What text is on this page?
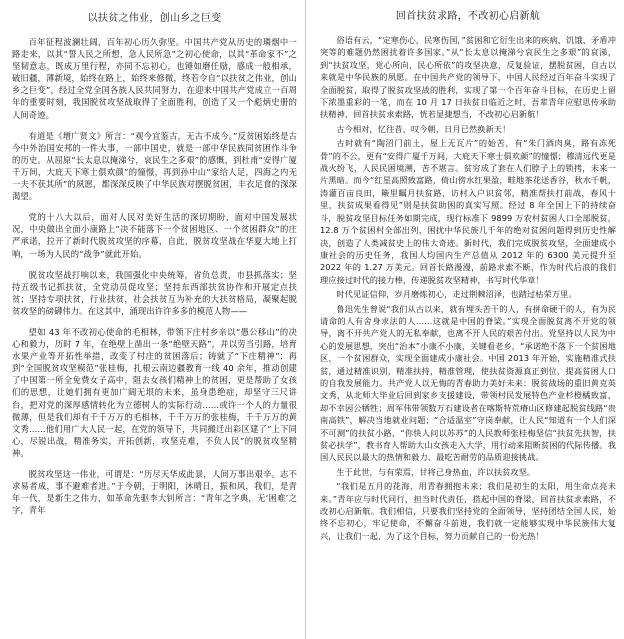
以扶贫之伟业，创山乡之巨变

百年征程波澜壮阔，百年初心历久弥坚。中国共产党从历史的璘烟中一路走来，以其“誓人民之所想，急人民所急”之初心使命，以其“革命家不”之坚韧意志，既成万里行程，亦同不忘初心，也锤如磨任励，感成一般相承，破旧疆，薄新境，始终在路上，始终来修微，终若令自“以扶贫之伟业，创山乡之巨变”，经过全党全国各族人民共同努力，在迎来中国共产党成立一百周年的重要时刻，我国脱贫攻坚战取得了全面胜利，创造了又一个彪炳史册的人间奇迹。

有道是《增广贤文》所言：“观今宜鉴古，无古不成今。”反贫困始终是古今中外治国安邦的一件大事，一部中国史，就是一部中华民族同贫困作斗争的历史。从屈原“长太息以掩涕兮，哀民生之多艰”的感慨，到杜甫“安得广厦千万间，大庇天下寒士俱欢颜”的憧憬，再到孙中山“家给人足，四海之内无一夫不获其所”的夙愿，都深深反映了中华民族对摆脱贫困，丰衣足食的深深渴望。

党的十八大以后，面对人民对美好生活的深切期盼，面对中国发展状况，中央做出全面小康路上“决不能落下一个贫困地区、一个贫困群众”的庄严承诺，拉开了新时代脱贫攻坚的序幕，自此，脱贫攻坚战在华夏大地上打响，一场为人民的“战争”就此开始。

脱贫攻坚战打响以来，我国强化中央统筹，省负总责，市县抓落实；坚持五级书记抓扶贫，全党动员促攻坚；坚持东西部扶贫协作和开展定点扶贫；坚持专项扶贫，行业扶贫，社会扶贫互为补充的大扶贫格局，凝聚起脱贫攻坚的磅礴伟力。在这其中，涌现出许许多多的模范人物——

望如 43 年不改初心使命的毛相林，带领下庄村乡亲以“愚公移山”的决心和毅力，历时 7 年，在绝壁上凿出一条“绝壁天路”，并以劳当引路，培育水果产业等开拓性举措，改变了村庄的贫困落后；铸就了“下庄精神”；再到“全国脱贫攻坚模范”张桂梅，扎根云南边疆教育一线 40 余年，推动创建了中国第一所全免费女子高中，阻去女孩们精神上的贫困，更是帮助了女孩们的思想，让她们拥有更加广阔无垠的未来，虽身患绝症，却坚守三尺讲台，把对党的深厚感情转化为立德树人的实际行动……或许一个人的力量很微薄，但是我们却有千千万万的毛相林，千千万万的张桂梅，千千万万的黄文秀……他们用广大人民一起，在党的领导下，共同搬迁出彩区建了“上下同心，尽锐出战，精准务实，开拓创新，攻坚克难，不负人民”的脱贫攻坚精神。

脱贫攻坚这一伟业，可谓是：“历尽天华成此景，人间万事出艰辛。志不求易者成，事不避难者进。”于今朝，于明阳，沐晴日，振和风，我们，是青年一代，是新生之伟力，如革命先驱李大钊所言：“青年之字典，无‘困难’之字，青年

回首扶贫求路，不改初心启新航

俗语有云，“定寒伤心，民寒伤国，”贫困和它衍生出来的疾病、饥饿、矛盾冲突等的难题仍然困扰着许多国家。”从“长太息以掩涕兮哀民生之多艰”的哀涕，到“扶贫攻坚，党心所向，民心所依”的攻坚决意，反复验证，摆脱贫困，自古以来就是中华民族的夙愿。在中国共产党的领导下，中国人民经过百年奋斗实现了全面脱贫，取得了脱贫攻坚战的胜利，实现了第一个百年奋斗目标，在历史上留下浓墨重彩的一笔，而在 10 月 17 日扶贫日临近之时，吾辈青年应慰思传承助扶精神，回首扶贫求索路，恍若显捷想当，不改初心启新航！

古今相对，忆往昔，叹今朝，日月已然换新天！

古时就有“陶沼门前土，屋上无瓦片”的始苦，有“朱门酒肉臭，路有冻死骨”的不公，更有“安得广厦千万间，大庇天下寒士俱欢颜”的憧憬；穆清远代更是战火纷飞，人民民困境溯，苦不堪言。贫穷成了套在人们脖子上的锁拷，未来一片黑暗。而今“红星高照致富路，倚山傍水红果盈，畦地茶花送香谷，秋水千帆，涛灌百亩良田，簸里瞩月扶贫路，访村入户识贫邻，精准帮扶打前战，春风十里，扶贫成果看得见”则是扶贫助困的真实写照。经过 8 年全国上下的持续奋斗，脱贫攻坚目标任务如期完成，现行标准下 9899 万农村贫困人口全部脱贫，12.8 万个贫困村全部出列，困扰中华民族几千年的绝对贫困问题得到历史性解决，创造了人类减贫史上的伟大奇迹。新时代，我们完成脱贫攻坚，全面建成小康社会的历史任务，我国人均国内生产总值从 2012 年的 6300 美元提升至 2022 年的 1.27 万美元。回首长路漫漫，前路求索不断，作为时代后浪的我们理应接过时代的接力棒，传递脱贫攻坚精神，书写时代华章！

时代见证信仰，岁月磨炼初心，走过荆棘沼泽，也踏过枯荣万里。

鲁迅先生曾说“我们从古以来，就有埋头苦干的人，有拼命硬干的人，有为民请命的人有舍身求法的人……这就是中国的脊梁。”实现全面脱贫离不开党的领导，离不开共产党人的无私奉献，也离不开人民的艰苦付出。党坚持以人民为中心的发展思想，突出“治本”小康不小康，关键看老乡，“承诺绝不落下一个贫困地区、一个贫困群众，实现全面建成小康社会。中国 2013 年开始，实施精准式扶贫，通过精准识别，精准扶持，精准管理，使扶贫资源真正到位，提高贫困人口的自我发展能力。共产党人以无悔的青春助力美好未来：脱贫战场的重旧黄克英文秀，从北师大毕业后回到家乡支援建设，带领村民发展特色产业杉橙橘致富，却不幸因公牺牲；周军伟带领数万石建设者在喀斯特荒瘠山区修建起脱贫线路“贵南高铁”，解决当地就业问题；“合适温室”守岗奉献，让人民“知道有一个人们深不可测”的扶贫小路，“你快人问以苏苏”的人民教师张桂梅坚信“扶贫先扶智，扶贫必扶学”，教书育人帮助大山女孩走入大学，用行动来阻断贫困的代际传播。我国人民民以最大的热情和毅力、最吃苦耐劳的品质迎接挑战。

生于此世，与有荣焉，甘将己身热血，许以扶贫攻坚。

“我们是五月的花海，用青春拥抱未来；我们是初生的太阳，用生命点亮未来。”青年应与时代同行，担当时代责任，搭起中国的脊梁，回首扶贫求索路，不改初心启新航。我们相信，只要我们坚持党的全面领导，坚持团结全国人民，始终不忘初心，牢记使命，不懈奋斗前进，我们就一定能够实现中华民族伟大复兴，让我们一起，为了这个目标，努力贡献自己的一份光热！
